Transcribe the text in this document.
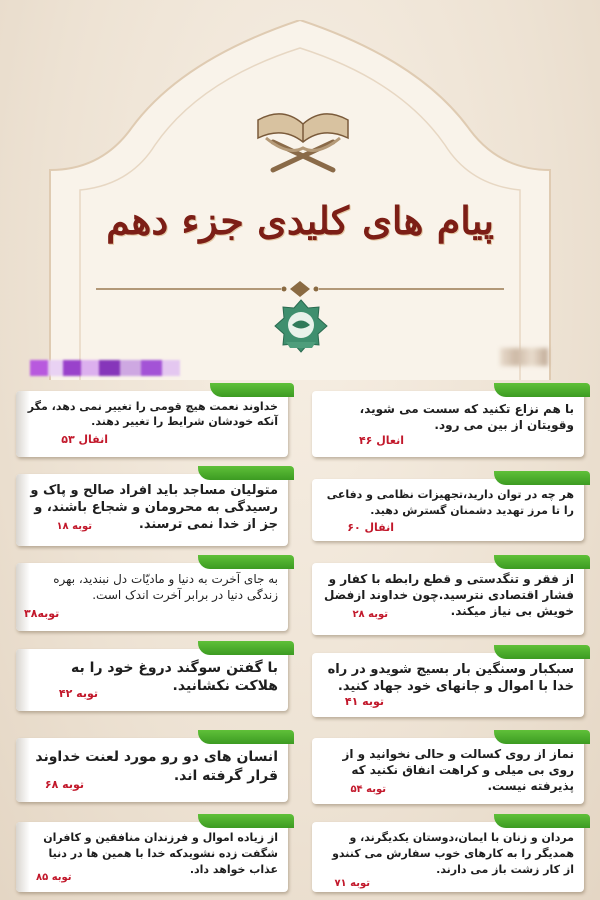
پیام های کلیدی جزء دهم
با هم نزاع تکنید که سست می شوید، وقویتان از بین می رود.
انعال ۴۶
خداوند نعمت هیچ قومی را تغییر نمی دهد، مگر آنکه خودشان شرایط را تغییر دهند.
انفال ۵۳
هر چه در توان دارید،تجهیزات نظامی و دفاعی را تا مرز تهدید دشمنان گسترش دهید.
انفال ۶۰
متولیان مساجد باید افراد صالح و پاک و رسیدگی به محرومان و شجاع باشند، و جز از خدا نمی ترسند.
توبه ۱۸
از فقر و تنگدستی و قطع رابطه با کفار و فشار اقتصادی نترسید.چون خداوند ازفضل خویش بی نیاز میکند.
توبه ۲۸
به جای آخرت به دنیا و مادیّات دل نبندید، بهره زندگی دنیا در برابر آخرت اندک است.
توبه۳۸
سبکبار وسنگین بار بسیج شویدو در راه خدا با اموال و جانهای خود جهاد کنید.
توبه ۴۱
با گفتن سوگند دروغ خود را به هلاکت نکشانید.
توبه ۴۲
نماز از روی کسالت و حالی نخوانید و از روی بی میلی و کراهت انفاق نکنید که پذیرفته نیست.
توبه ۵۴
انسان های دو رو مورد لعنت خداوند قرار گرفته اند.
توبه ۶۸
مردان و زنان با ایمان،دوستان یکدیگرند، و همدیگر را به کارهای خوب سفارش می کنندو از کار زشت باز می دارند.
توبه ۷۱
از زیاده اموال و فرزندان منافقین و کافران شگفت زده نشویدکه خدا با همین ها در دنیا عذاب خواهد داد.
توبه ۸۵
